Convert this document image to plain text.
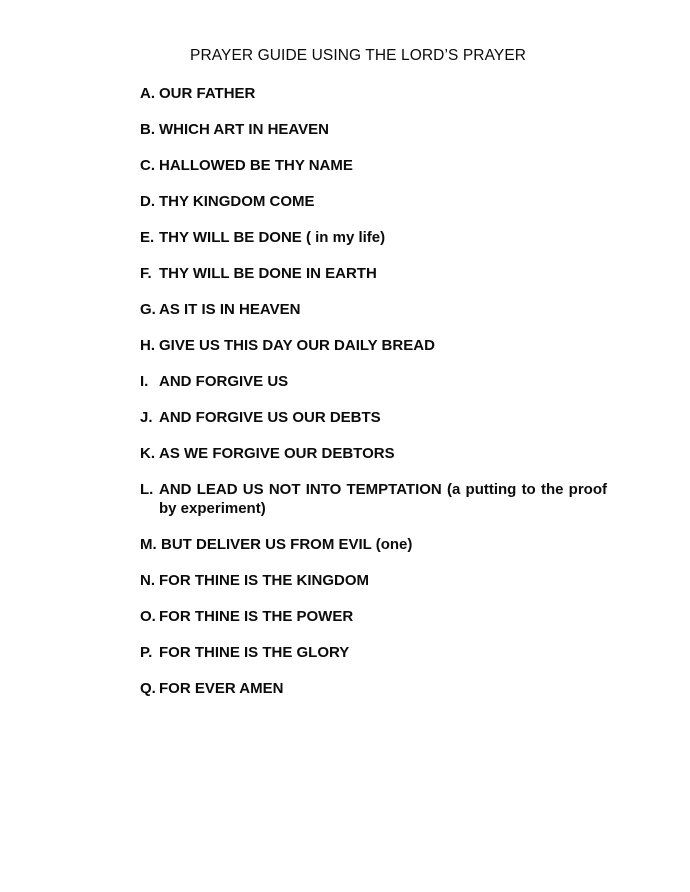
PRAYER GUIDE USING THE LORD’S PRAYER
A. OUR FATHER
B. WHICH ART IN HEAVEN
C. HALLOWED BE THY NAME
D. THY KINGDOM COME
E. THY WILL BE DONE ( in my life)
F. THY WILL BE DONE IN EARTH
G. AS IT IS IN HEAVEN
H. GIVE US THIS DAY OUR DAILY BREAD
I. AND FORGIVE US
J. AND FORGIVE US OUR DEBTS
K. AS WE FORGIVE OUR DEBTORS
L. AND LEAD US NOT INTO TEMPTATION (a putting to the proof by experiment)
M. BUT DELIVER US FROM EVIL (one)
N. FOR THINE IS THE KINGDOM
O. FOR THINE IS THE POWER
P. FOR THINE IS THE GLORY
Q. FOR EVER AMEN
